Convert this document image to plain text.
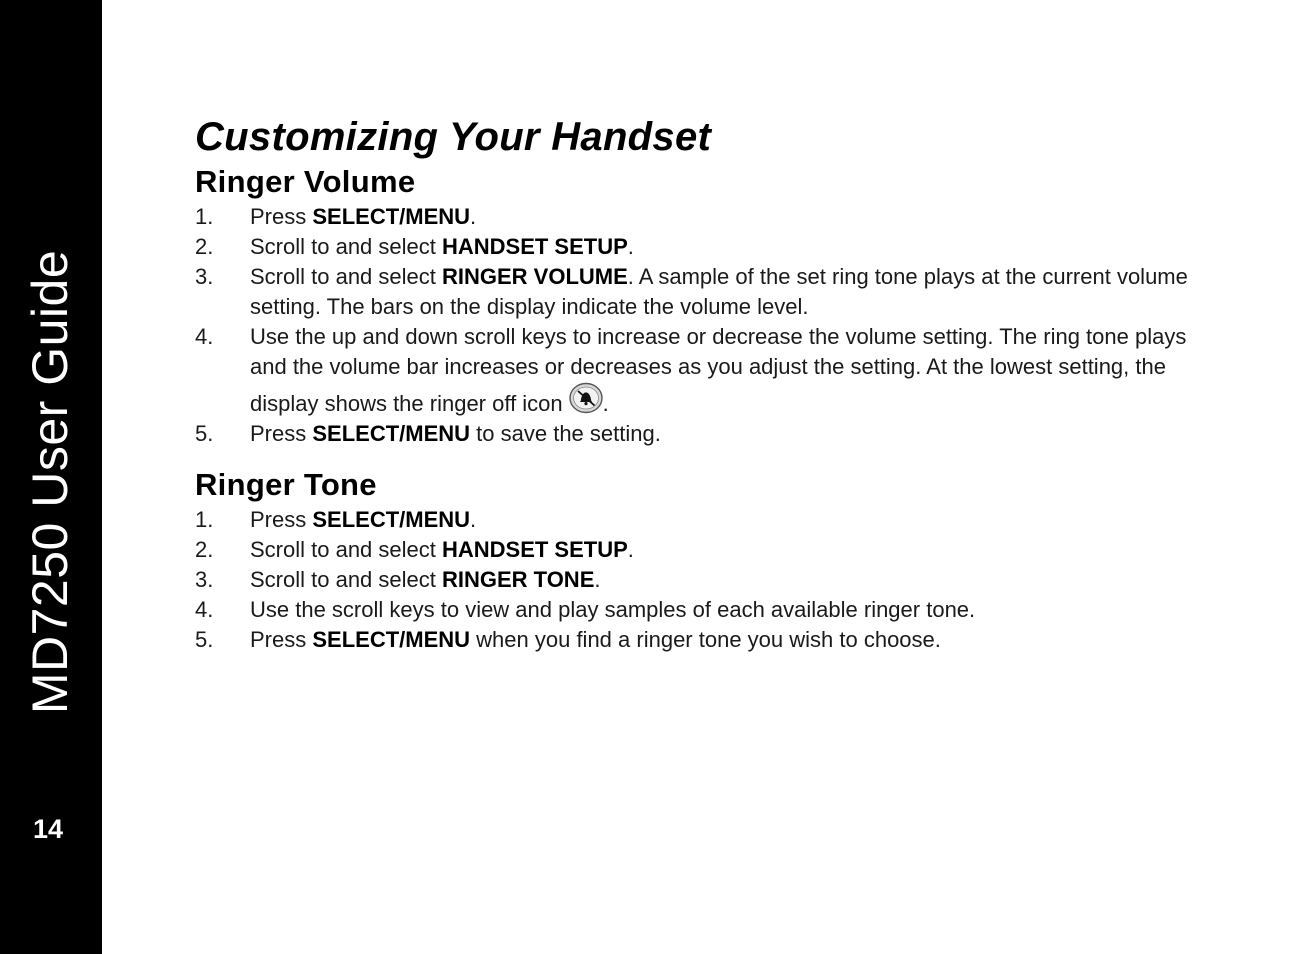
MD7250 User Guide
14
Customizing Your Handset
Ringer Volume
1. Press SELECT/MENU.
2. Scroll to and select HANDSET SETUP.
3. Scroll to and select RINGER VOLUME. A sample of the set ring tone plays at the current volume setting. The bars on the display indicate the volume level.
4. Use the up and down scroll keys to increase or decrease the volume setting. The ring tone plays and the volume bar increases or decreases as you adjust the setting. At the lowest setting, the display shows the ringer off icon .
5. Press SELECT/MENU to save the setting.
Ringer Tone
1. Press SELECT/MENU.
2. Scroll to and select HANDSET SETUP.
3. Scroll to and select RINGER TONE.
4. Use the scroll keys to view and play samples of each available ringer tone.
5. Press SELECT/MENU when you find a ringer tone you wish to choose.
